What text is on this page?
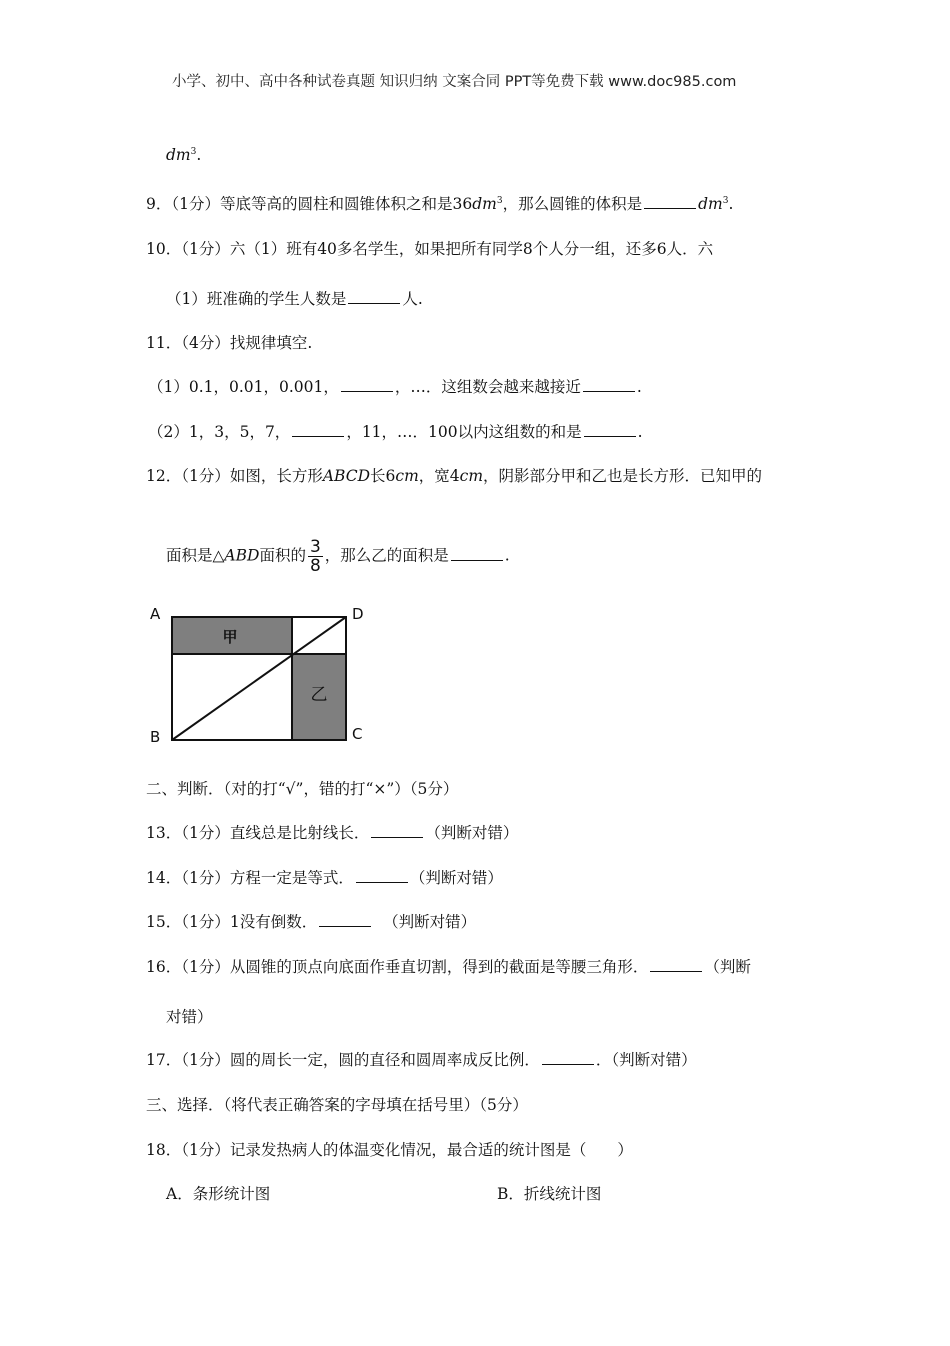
小学、初中、高中各种试卷真题 知识归纳 文案合同 PPT等免费下载 www.doc985.com
$dm^3$.
9．（1分）等底等高的圆柱和圆锥体积之和是$36dm^3$，那么圆锥的体积是	$dm^3$.
10．（1分）六（1）班有40多名学生，如果把所有同学8个人分一组，还多6人．六
（1）班准确的学生人数是	人.
11．（4分）找规律填空.
（1）0.1，0.01，0.001，	，…．这组数会越来越接近	.
（2）1，3，5，7，	，11，…．100以内这组数的和是	.
12．（1分）如图，长方形ABCD长6cm，宽4cm，阴影部分甲和乙也是长方形．已知甲的
面积是△ABD面积的 $\frac{3}{8}$ ，那么乙的面积是	.
甲
乙
A	D
B	C
二、判断．（对的打“√”，错的打“×”）（5分）
13．（1分）直线总是比射线长．	（判断对错）
14．（1分）方程一定是等式．	（判断对错）
15．（1分）1没有倒数．	（判断对错）
16．（1分）从圆锥的顶点向底面作垂直切割，得到的截面是等腰三角形．	（判断
对错）
17．（1分）圆的周长一定，圆的直径和圆周率成反比例．	．（判断对错）
三、选择．（将代表正确答案的字母填在括号里）（5分）
18．（1分）记录发热病人的体温变化情况，最合适的统计图是（　　）
A．条形统计图	B．折线统计图
